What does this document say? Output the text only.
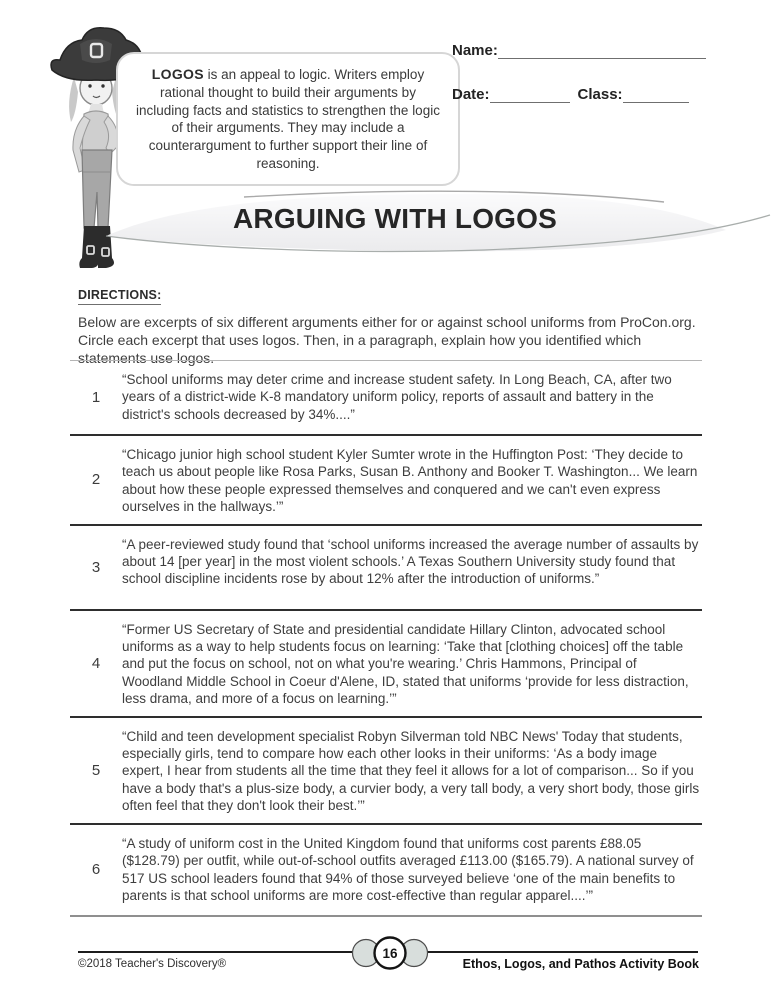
LOGOS is an appeal to logic. Writers employ rational thought to build their arguments by including facts and statistics to strengthen the logic of their arguments. They may include a counterargument to further support their line of reasoning.
Name:
Date:	Class:
ARGUING WITH LOGOS
DIRECTIONS:
Below are excerpts of six different arguments either for or against school uniforms from ProCon.org. Circle each excerpt that uses logos. Then, in a paragraph, explain how you identified which statements use logos.
1
“School uniforms may deter crime and increase student safety. In Long Beach, CA, after two years of a district-wide K-8 mandatory uniform policy, reports of assault and battery in the district's schools decreased by 34%....”
2
“Chicago junior high school student Kyler Sumter wrote in the Huffington Post: ‘They decide to teach us about people like Rosa Parks, Susan B. Anthony and Booker T. Washington... We learn about how these people expressed themselves and conquered and we can't even express ourselves in the hallways.’”
3
“A peer-reviewed study found that ‘school uniforms increased the average number of assaults by about 14 [per year] in the most violent schools.’ A Texas Southern University study found that school discipline incidents rose by about 12% after the introduction of uniforms.”
4
“Former US Secretary of State and presidential candidate Hillary Clinton, advocated school uniforms as a way to help students focus on learning: ‘Take that [clothing choices] off the table and put the focus on school, not on what you're wearing.’ Chris Hammons, Principal of Woodland Middle School in Coeur d'Alene, ID, stated that uniforms ‘provide for less distraction, less drama, and more of a focus on learning.’”
5
“Child and teen development specialist Robyn Silverman told NBC News' Today that students, especially girls, tend to compare how each other looks in their uniforms: ‘As a body image expert, I hear from students all the time that they feel it allows for a lot of comparison... So if you have a body that's a plus-size body, a curvier body, a very tall body, a very short body, those girls often feel that they don't look their best.’”
6
“A study of uniform cost in the United Kingdom found that uniforms cost parents £88.05 ($128.79) per outfit, while out-of-school outfits averaged £113.00 ($165.79). A national survey of 517 US school leaders found that 94% of those surveyed believe ‘one of the main benefits to parents is that school uniforms are more cost-effective than regular apparel....’”
16
©2018 Teacher's Discovery®	Ethos, Logos, and Pathos Activity Book
